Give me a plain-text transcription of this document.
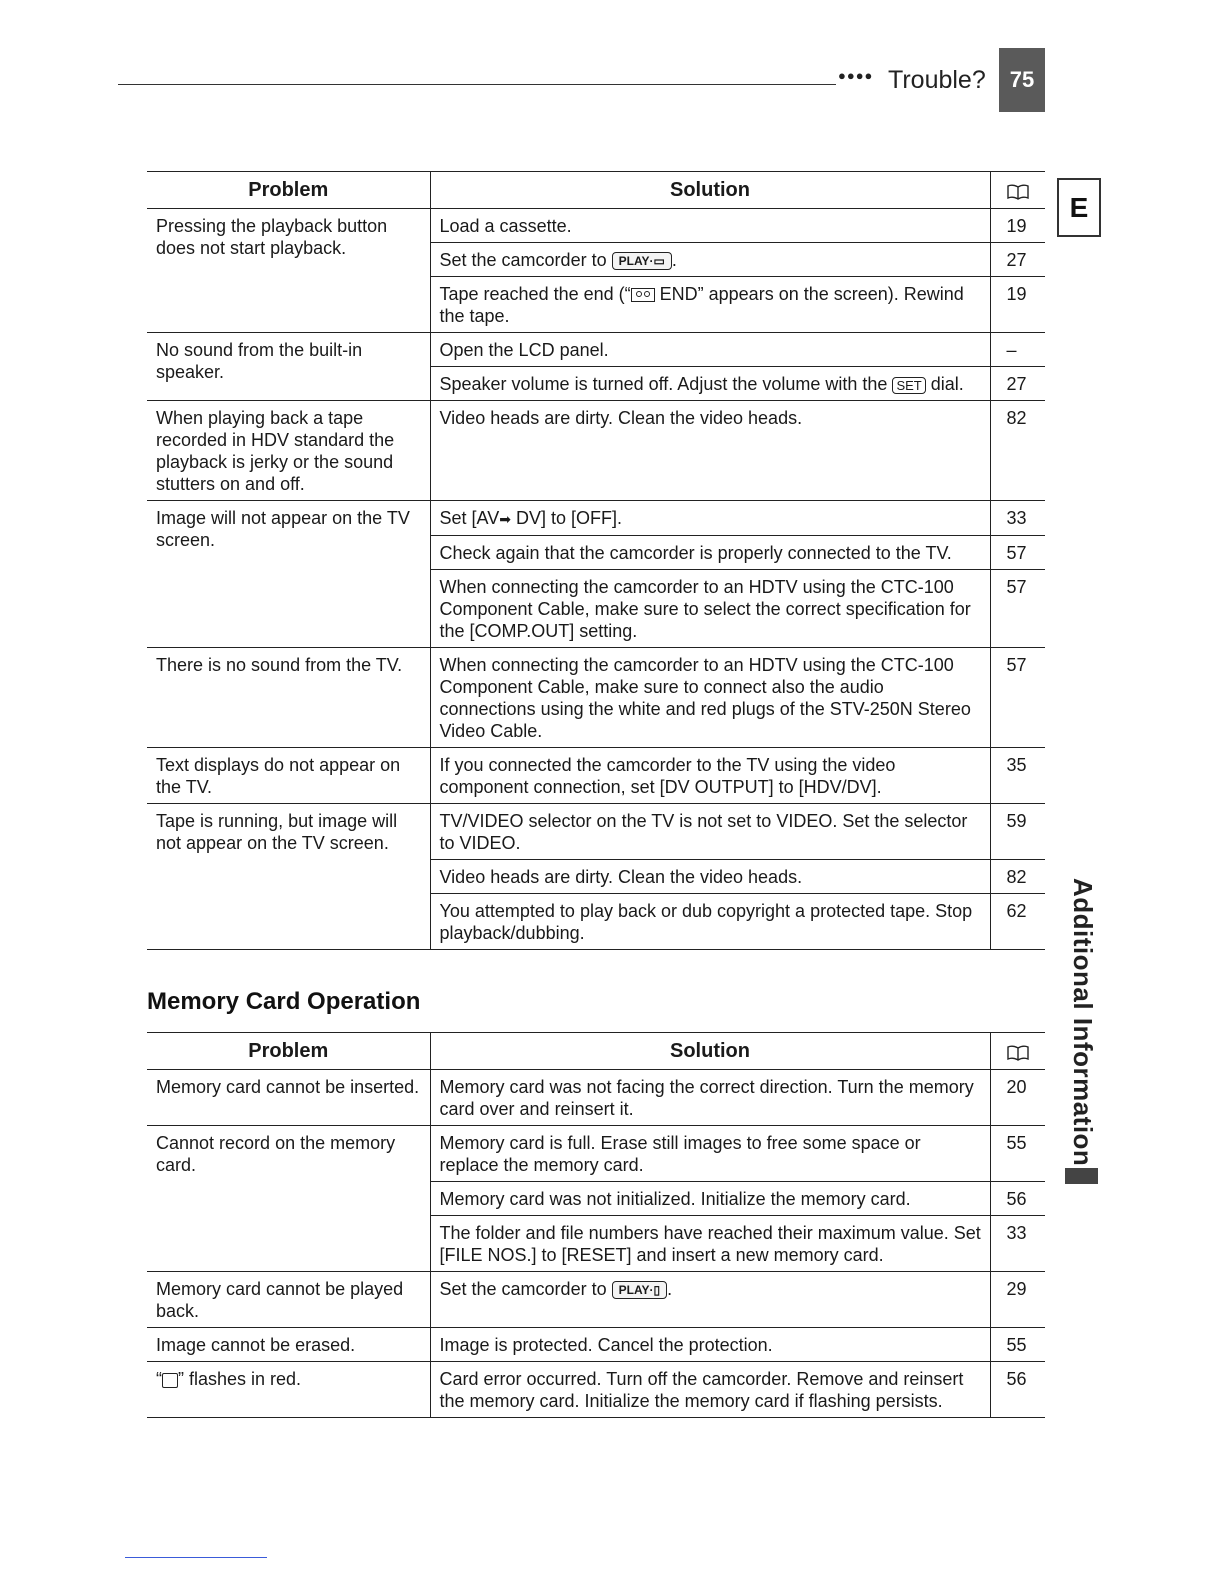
●●●● Trouble?	75
E
Additional Information
Problem	Solution	
Pressing the playback button does not start playback.	Load a cassette.	19
	Set the camcorder to PLAY·▭ .	27
	Tape reached the end (“ END” appears on the screen). Rewind the tape.	19
No sound from the built-in speaker.	Open the LCD panel.	–
	Speaker volume is turned off. Adjust the volume with the SET dial.	27
When playing back a tape recorded in HDV standard the playback is jerky or the sound stutters on and off.	Video heads are dirty. Clean the video heads.	82
Image will not appear on the TV screen.	Set [AV➡ DV] to [OFF].	33
	Check again that the camcorder is properly connected to the TV.	57
	When connecting the camcorder to an HDTV using the CTC-100 Component Cable, make sure to select the correct specification for the [COMP.OUT] setting.	57
There is no sound from the TV.	When connecting the camcorder to an HDTV using the CTC-100 Component Cable, make sure to connect also the audio connections using the white and red plugs of the STV-250N Stereo Video Cable.	57
Text displays do not appear on the TV.	If you connected the camcorder to the TV using the video component connection, set [DV OUTPUT] to [HDV/DV].	35
Tape is running, but image will not appear on the TV screen.	TV/VIDEO selector on the TV is not set to VIDEO. Set the selector to VIDEO.	59
	Video heads are dirty. Clean the video heads.	82
	You attempted to play back or dub copyright a protected tape. Stop playback/dubbing.	62
Memory Card Operation
Problem	Solution	
Memory card cannot be inserted.	Memory card was not facing the correct direction. Turn the memory card over and reinsert it.	20
Cannot record on the memory card.	Memory card is full. Erase still images to free some space or replace the memory card.	55
	Memory card was not initialized. Initialize the memory card.	56
	The folder and file numbers have reached their maximum value. Set [FILE NOS.] to [RESET] and insert a new memory card.	33
Memory card cannot be played back.	Set the camcorder to PLAY·▯ .	29
Image cannot be erased.	Image is protected. Cancel the protection.	55
“ ” flashes in red.	Card error occurred. Turn off the camcorder. Remove and reinsert the memory card. Initialize the memory card if flashing persists.	56
